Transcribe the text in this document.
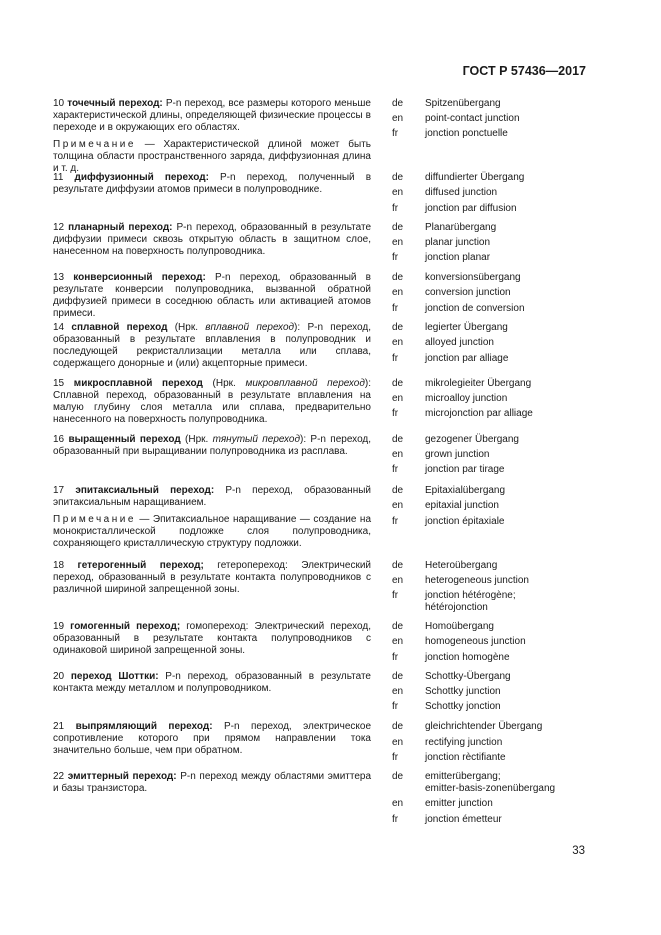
ГОСТ Р 57436—2017

10 точечный переход: Р-n переход, все размеры которого меньше характеристической длины, определяющей физические процессы в переходе и в окружающих его областях.

Примечание — Характеристической длиной может быть толщина области пространственного заряда, диффузионная длина и т. д.

de	Spitzenübergang
en	point-contact junction
fr	jonction ponctuelle

11 диффузионный переход: Р-n переход, полученный в результате диффузии атомов примеси в полупроводнике.

de	diffundierter Übergang
en	diffused junction
fr	jonction par diffusion

12 планарный переход: Р-n переход, образованный в результате диффузии примеси сквозь открытую область в защитном слое, нанесенном на поверхность полупроводника.

de	Planarübergang
en	planar junction
fr	jonction planar

13 конверсионный переход: Р-n переход, образованный в результате конверсии полупроводника, вызванной обратной диффузией примеси в соседнюю область или активацией атомов примеси.

de	konversionsübergang
en	conversion junction
fr	jonction de conversion

14 сплавной переход (Нрк. вплавной переход): Р-n переход, образованный в результате вплавления в полупроводник и последующей рекристаллизации металла или сплава, содержащего донорные и (или) акцепторные примеси.

de	legierter Übergang
en	alloyed junction
fr	jonction par alliage

15 микросплавной переход (Нрк. микровплавной переход): Сплавной переход, образованный в результате вплавления на малую глубину слоя металла или сплава, предварительно нанесенного на поверхность полупроводника.

de	mikrolegieiter Übergang
en	microalloy junction
fr	microjonction par alliage

16 выращенный переход (Нрк. тянутый переход): Р-n переход, образованный при выращивании полупроводника из расплава.

de	gezogener Übergang
en	grown junction
fr	jonction par tirage

17 эпитаксиальный переход: Р-n переход, образованный эпитаксиальным наращиванием.

Примечание — Эпитаксиальное наращивание — создание на монокристаллической подложке слоя полупроводника, сохраняющего кристаллическую структуру подложки.

de	Epitaxialübergang
en	epitaxial junction
fr	jonction épitaxiale

18 гетерогенный переход; гетеропереход: Электрический переход, образованный в результате контакта полупроводников с различной шириной запрещенной зоны.

de	Heteroübergang
en	heterogeneous junction
fr	jonction hétérogène;
hétérojonction

19 гомогенный переход; гомопереход: Электрический переход, образованный в результате контакта полупроводников с одинаковой шириной запрещенной зоны.

de	Homoübergang
en	homogeneous junction
fr	jonction homogène

20 переход Шоттки: Р-n переход, образованный в результате контакта между металлом и полупроводником.

de	Schottky-Übergang
en	Schottky junction
fr	Schottky jonction

21 выпрямляющий переход: Р-n переход, электрическое сопротивление которого при прямом направлении тока значительно больше, чем при обратном.

de	gleichrichtender Übergang
en	rectifying junction
fr	jonction rèctifiante

22 эмиттерный переход: Р-n переход между областями эмиттера и базы транзистора.

de	emitterübergang;
emitter-basis-zonenübergang
en	emitter junction
fr	jonction émetteur
33
